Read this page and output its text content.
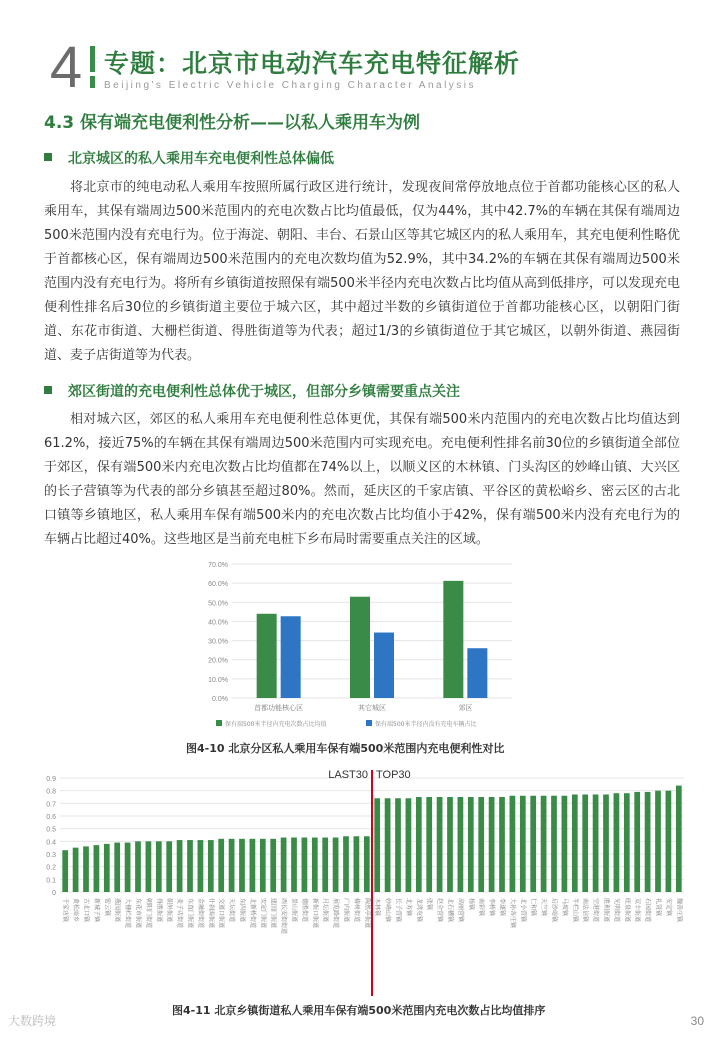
4 专题：北京市电动汽车充电特征解析
Beijing's Electric Vehicle Charging Character Analysis
4.3 保有端充电便利性分析——以私人乘用车为例
北京城区的私人乘用车充电便利性总体偏低

将北京市的纯电动私人乘用车按照所属行政区进行统计，发现夜间常停放地点位于首都功能核心区的私人乘用车，其保有端周边500米范围内的充电次数占比均值最低，仅为44%，其中42.7%的车辆在其保有端周边500米范围内没有充电行为。位于海淀、朝阳、丰台、石景山区等其它城区内的私人乘用车，其充电便利性略优于首都核心区，保有端周边500米范围内的充电次数均值为52.9%，其中34.2%的车辆在其保有端周边500米范围内没有充电行为。将所有乡镇街道按照保有端500米半径内充电次数占比均值从高到低排序，可以发现充电便利性排名后30位的乡镇街道主要位于城六区，其中超过半数的乡镇街道位于首都功能核心区，以朝阳门街道、东花市街道、大栅栏街道、得胜街道等为代表；超过1/3的乡镇街道位于其它城区，以朝外街道、燕园街道、麦子店街道等为代表。

郊区街道的充电便利性总体优于城区，但部分乡镇需要重点关注

相对城六区，郊区的私人乘用车充电便利性总体更优，其保有端500米内范围内的充电次数占比均值达到61.2%，接近75%的车辆在其保有端周边500米范围内可实现充电。充电便利性排名前30位的乡镇街道全部位于郊区，保有端500米内充电次数占比均值都在74%以上，以顺义区的木林镇、门头沟区的妙峰山镇、大兴区的长子营镇等为代表的部分乡镇甚至超过80%。然而，延庆区的千家店镇、平谷区的黄松峪乡、密云区的古北口镇等乡镇地区，私人乘用车保有端500米内的充电次数占比均值小于42%，保有端500米内没有充电行为的车辆占比超过40%。这些地区是当前充电桩下乡布局时需要重点关注的区域。

0.0%
10.0%
20.0%
30.0%
40.0%
50.0%
60.0%
70.0%
首都功能核心区	其它城区	郊区
保有端500米半径内充电次数占比均值	保有端500米半径内没有充电车辆占比
图4-10 北京分区私人乘用车保有端500米范围内充电便利性对比
0
0.1
0.2
0.3
0.4
0.5
0.6
0.7
0.8
0.9
千家店镇 黄松峪乡 古北口镇 新城子镇 密云镇 燕园街道 大栅栏街道 东花市街道 朝阳门街道 得胜街道 朝外街道 麦子店街道 东直门街道 金融街街道 什刹海街道 交道口街道 天坛街道 东四街道 北新桥街道 安定门街道 建国门街道 西长安街街道 景山街道 德胜街道 新街口街道 月坛街道 展览路街道 广内街道 椿树街道 陶然亭街道 木林镇 妙峰山镇 长子营镇 北务镇 龙湾屯镇 张镇 赵全营镇 北石槽镇 高丽营镇 杨镇 南彩镇 李桥镇 李遂镇 大孙各庄镇 北小营镇 仁和镇 天竺镇 后沙峪镇 马坡镇 牛栏山镇 南法信镇 空港街道 胜利街道 光明街道 旺泉街道 双丰街道 石园街道 礼贤镇 安定镇 魏善庄镇
LAST30 TOP30
图4-11 北京乡镇街道私人乘用车保有端500米范围内充电次数占比均值排序
大数跨境	30
